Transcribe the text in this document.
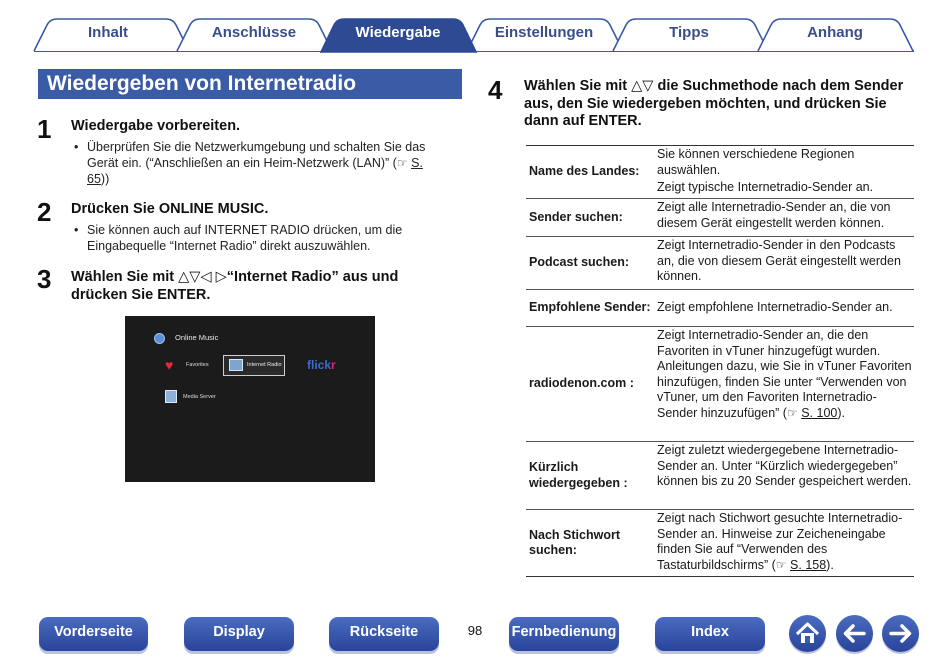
Inhalt	Anschlüsse	Wiedergabe	Einstellungen	Tipps	Anhang
Wiedergeben von Internetradio
1 Wiedergabe vorbereiten.
• Überprüfen Sie die Netzwerkumgebung und schalten Sie das Gerät ein. (“Anschließen an ein Heim-Netzwerk (LAN)” (☞ S. 65))
2 Drücken Sie ONLINE MUSIC.
• Sie können auch auf INTERNET RADIO drücken, um die Eingabequelle “Internet Radio” direkt auszuwählen.
3 Wählen Sie mit △▽◁ ▷“Internet Radio” aus und
drücken Sie ENTER.
Online Music
♥	Favorites	Internet Radio flickr
Media Server
4 Wählen Sie mit △▽ die Suchmethode nach dem Sender aus, den Sie wiedergeben möchten, und drücken Sie dann auf ENTER.
Name des Landes:

Sie können verschiedene Regionen auswählen.

Zeigt typische Internetradio-Sender an.

Sender suchen:
Zeigt alle Internetradio-Sender an, die von diesem Gerät eingestellt werden können.
Podcast suchen:
Zeigt Internetradio-Sender in den Podcasts an, die von diesem Gerät eingestellt werden können.
Empfohlene Sender: Zeigt empfohlene Internetradio-Sender an.
radiodenon.com :
Zeigt Internetradio-Sender an, die den Favoriten in vTuner hinzugefügt wurden. Anleitungen dazu, wie Sie in vTuner Favoriten hinzufügen, finden Sie unter “Verwenden von vTuner, um den Favoriten Internetradio-Sender hinzuzufügen” (☞ S. 100).
Kürzlich wiedergegeben :
Zeigt zuletzt wiedergegebene Internetradio-Sender an. Unter “Kürzlich wiedergegeben” können bis zu 20 Sender gespeichert werden.
Nach Stichwort suchen:
Zeigt nach Stichwort gesuchte Internetradio-Sender an. Hinweise zur Zeicheneingabe finden Sie auf “Verwenden des Tastaturbildschirms” (☞ S. 158).
Vorderseite	Display	Rückseite	98	Fernbedienung	Index
